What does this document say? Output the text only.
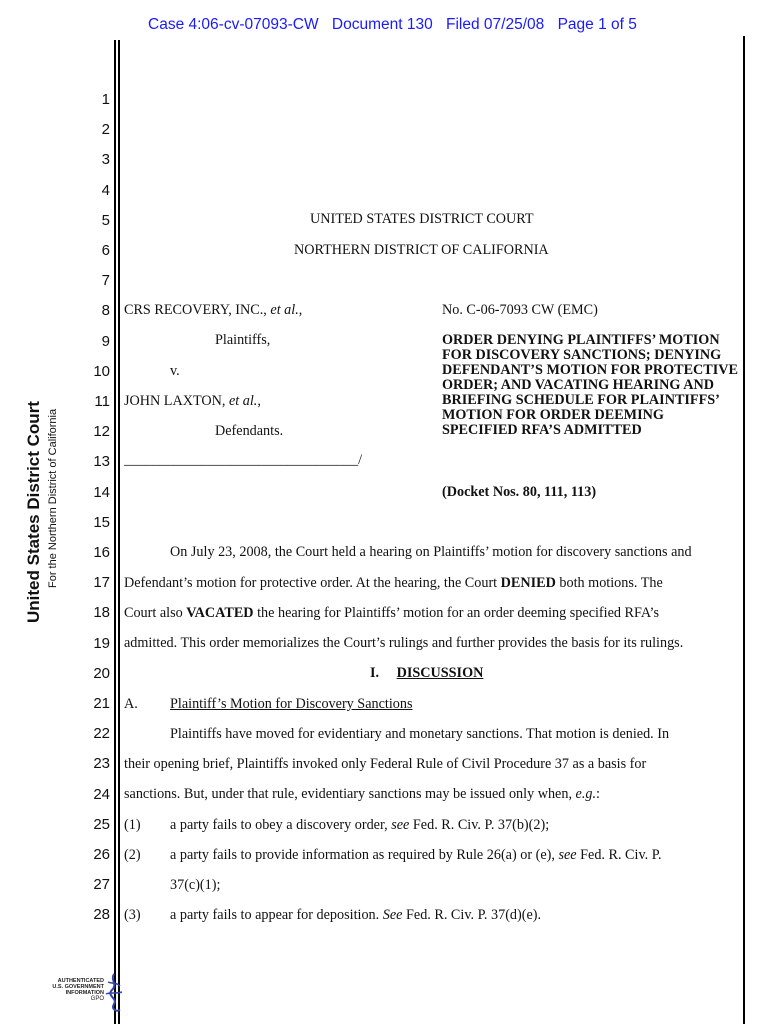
Case 4:06-cv-07093-CW Document 130 Filed 07/25/08 Page 1 of 5
1
2
3
4
5
6
7
8
9
10
11
12
13
14
15
16
17
18
19
20
21
22
23
24
25
26
27
28
United States District Court For the Northern District of California
UNITED STATES DISTRICT COURT
NORTHERN DISTRICT OF CALIFORNIA
CRS RECOVERY, INC., et al.,
Plaintiffs,
v.
JOHN LAXTON, et al.,
Defendants.
_________________________________/
No. C-06-7093 CW (EMC)
ORDER DENYING PLAINTIFFS’ MOTION FOR DISCOVERY SANCTIONS; DENYING DEFENDANT’S MOTION FOR PROTECTIVE ORDER; AND VACATING HEARING AND BRIEFING SCHEDULE FOR PLAINTIFFS’ MOTION FOR ORDER DEEMING SPECIFIED RFA’S ADMITTED
(Docket Nos. 80, 111, 113)
On July 23, 2008, the Court held a hearing on Plaintiffs’ motion for discovery sanctions and
Defendant’s motion for protective order. At the hearing, the Court DENIED both motions. The
Court also VACATED the hearing for Plaintiffs’ motion for an order deeming specified RFA’s
admitted. This order memorializes the Court’s rulings and further provides the basis for its rulings.
I. DISCUSSION
A. Plaintiff’s Motion for Discovery Sanctions
Plaintiffs have moved for evidentiary and monetary sanctions. That motion is denied. In
their opening brief, Plaintiffs invoked only Federal Rule of Civil Procedure 37 as a basis for
sanctions. But, under that rule, evidentiary sanctions may be issued only when, e.g.:
(1) a party fails to obey a discovery order, see Fed. R. Civ. P. 37(b)(2);
(2) a party fails to provide information as required by Rule 26(a) or (e), see Fed. R. Civ. P.
37(c)(1);
(3) a party fails to appear for deposition. See Fed. R. Civ. P. 37(d)(e).
AUTHENTICATED
U.S. GOVERNMENT
INFORMATION
GPO
